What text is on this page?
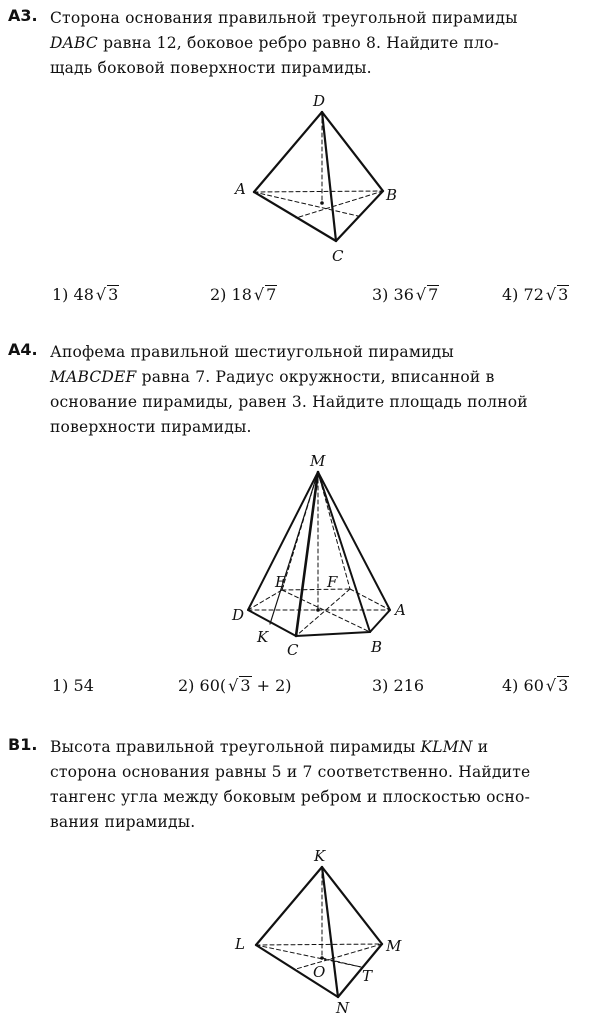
A3. Сторона основания правильной треугольной пирамиды
DABC равна 12, боковое ребро равно 8. Найдите пло-
щадь боковой поверхности пирамиды.
D
A	B
C
1) 48 √ 3	2) 18 √ 7	3) 36 √ 7	4) 72 √ 3
A4. Апофема правильной шестиугольной пирамиды
MABCDEF равна 7. Радиус окружности, вписанной в
основание пирамиды, равен 3. Найдите площадь полной
поверхности пирамиды.
M
E	F
D	A
K
C	B
1) 54	2) 60( √ 3 + 2)	3) 216	4) 60 √ 3
B1. Высота правильной треугольной пирамиды KLMN и
сторона основания равны 5 и 7 соответственно. Найдите
тангенс угла между боковым ребром и плоскостью осно-
вания пирамиды.
K
L	M
O T
N
